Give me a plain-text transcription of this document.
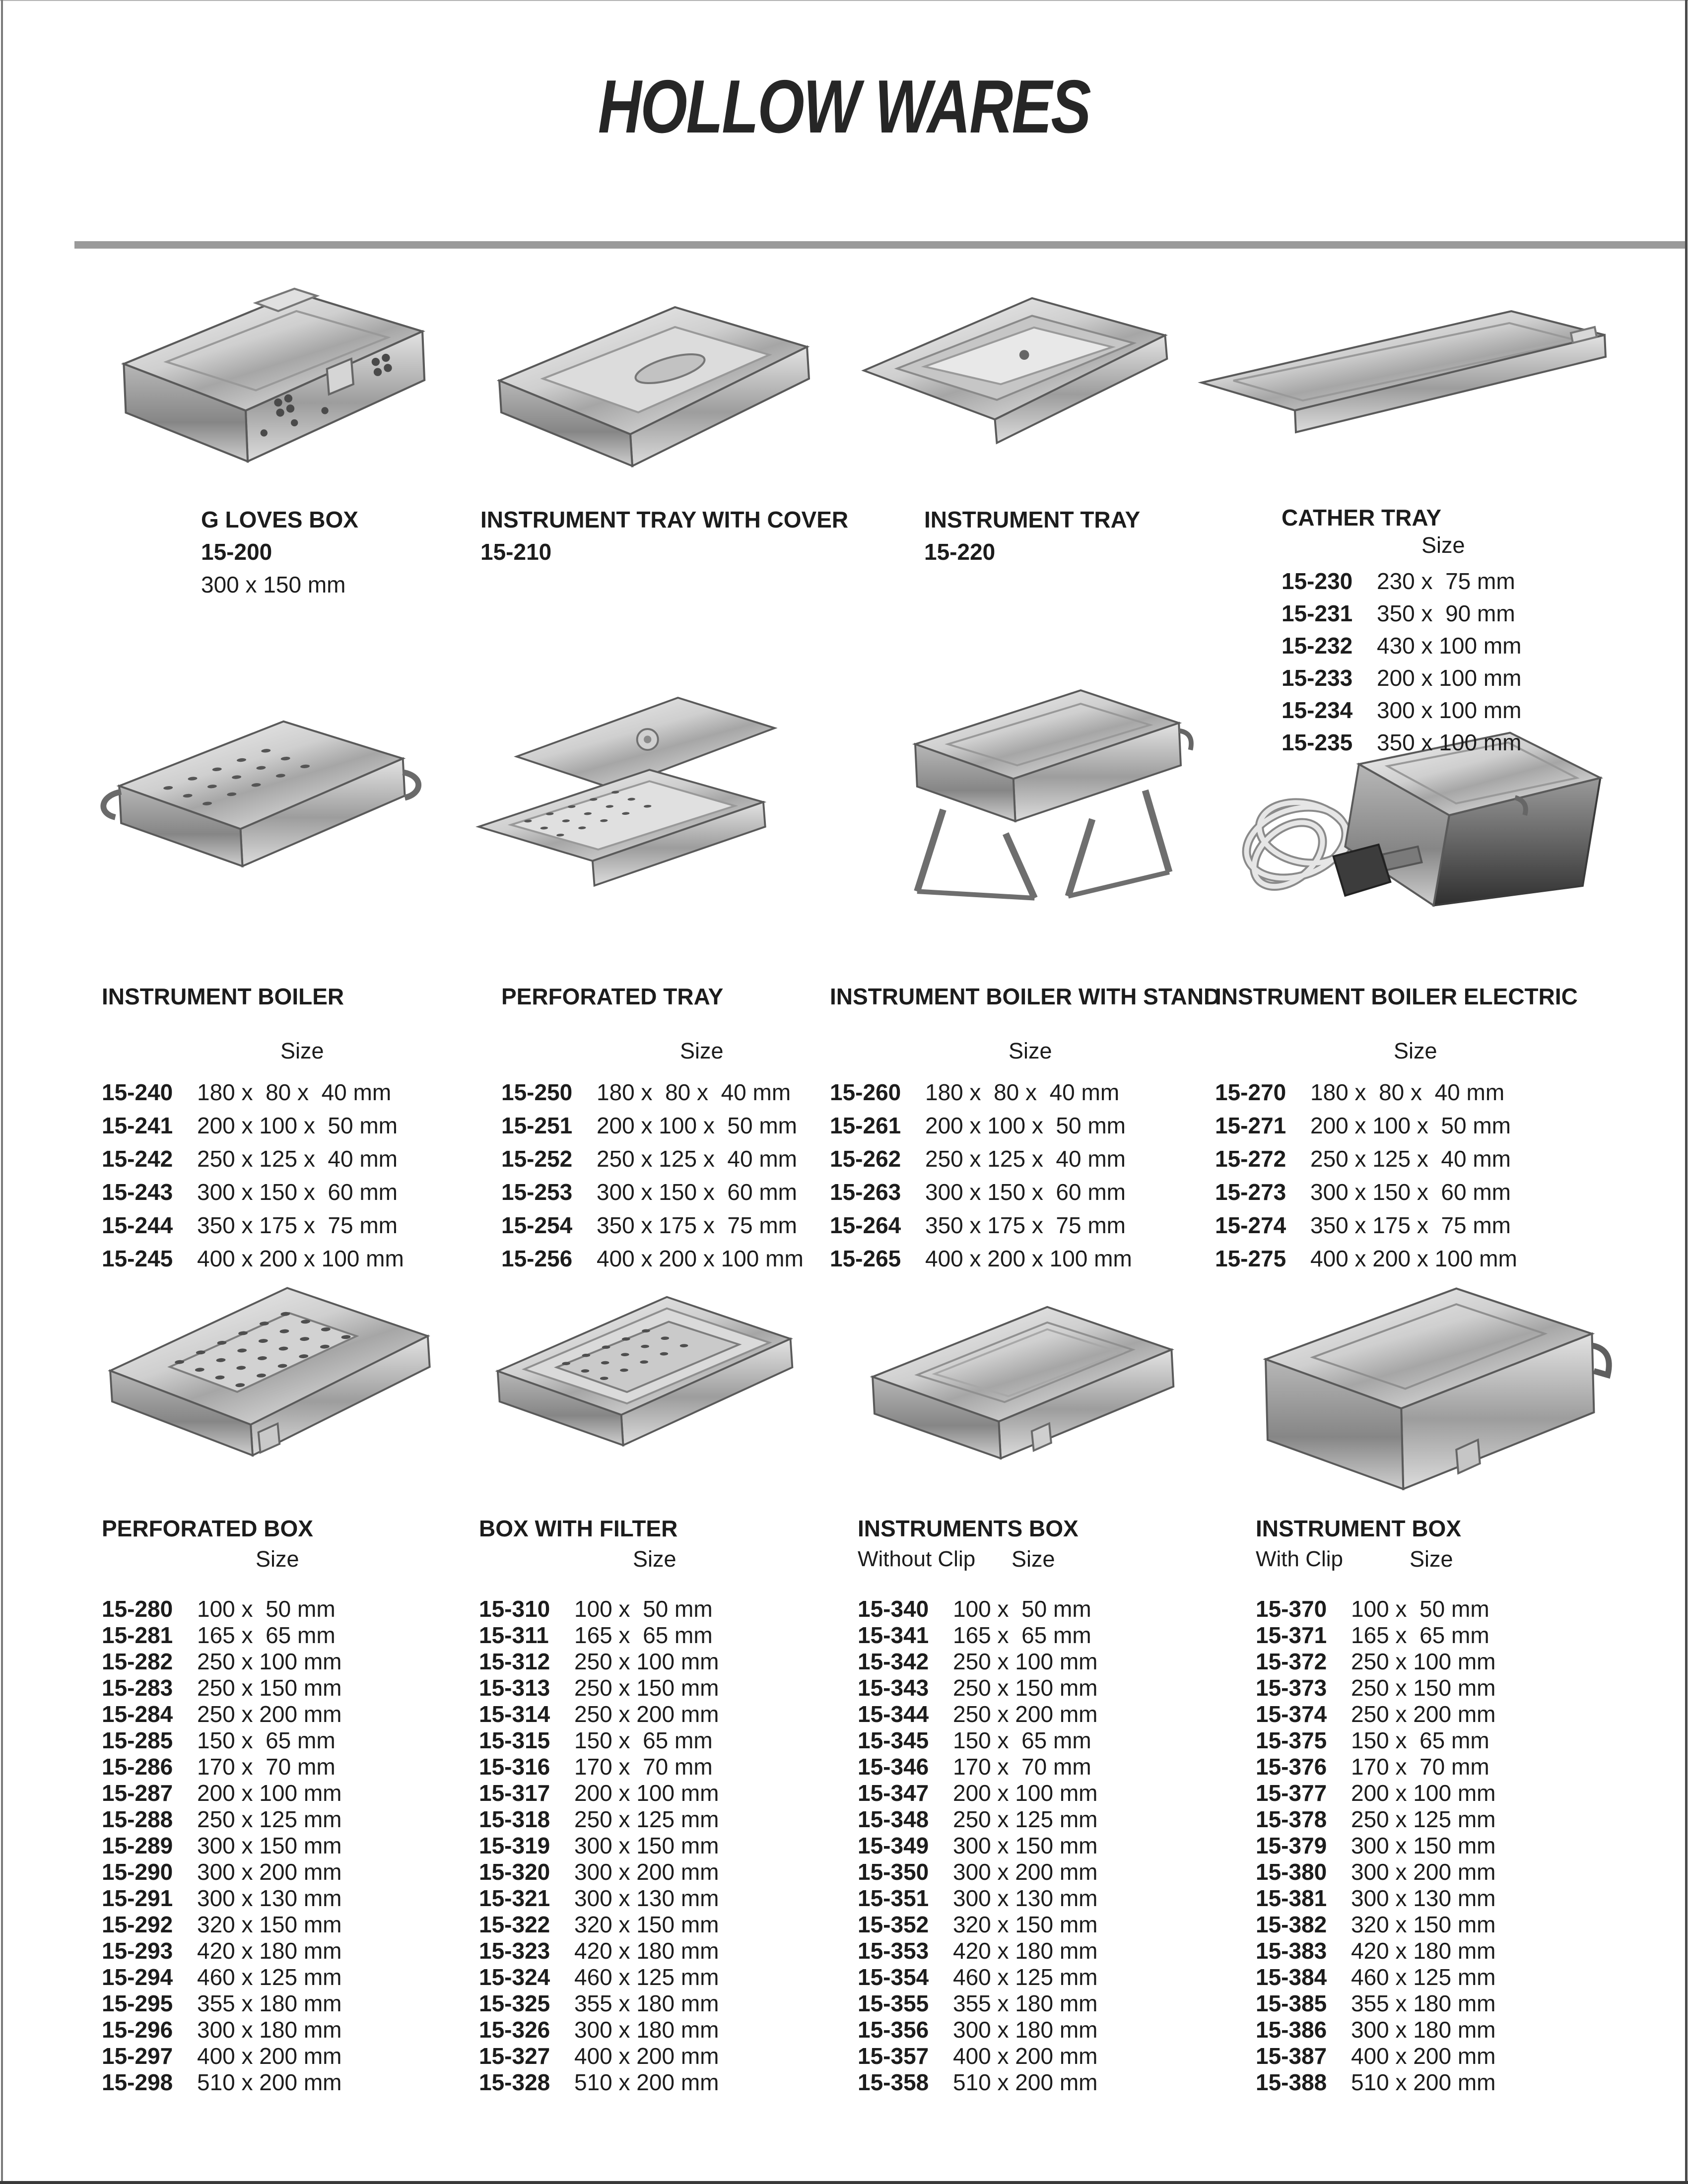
HOLLOW WARES
G LOVES BOX
15-200
300 x 150 mm
INSTRUMENT TRAY WITH COVER
15-210
INSTRUMENT TRAY
15-220
CATHER TRAY
Size
15-230 230 x  75 mm
15-231 350 x  90 mm
15-232 430 x 100 mm
15-233 200 x 100 mm
15-234 300 x 100 mm
15-235 350 x 100 mm
INSTRUMENT BOILER
Size
15-240 180 x  80 x  40 mm
15-241 200 x 100 x  50 mm
15-242 250 x 125 x  40 mm
15-243 300 x 150 x  60 mm
15-244 350 x 175 x  75 mm
15-245 400 x 200 x 100 mm
PERFORATED TRAY
Size
15-250 180 x  80 x  40 mm
15-251 200 x 100 x  50 mm
15-252 250 x 125 x  40 mm
15-253 300 x 150 x  60 mm
15-254 350 x 175 x  75 mm
15-256 400 x 200 x 100 mm
INSTRUMENT BOILER WITH STAND
Size
15-260 180 x  80 x  40 mm
15-261 200 x 100 x  50 mm
15-262 250 x 125 x  40 mm
15-263 300 x 150 x  60 mm
15-264 350 x 175 x  75 mm
15-265 400 x 200 x 100 mm
INSTRUMENT BOILER ELECTRIC
Size
15-270 180 x  80 x  40 mm
15-271 200 x 100 x  50 mm
15-272 250 x 125 x  40 mm
15-273 300 x 150 x  60 mm
15-274 350 x 175 x  75 mm
15-275 400 x 200 x 100 mm
PERFORATED BOX
Size
15-280 100 x  50 mm
15-281 165 x  65 mm
15-282 250 x 100 mm
15-283 250 x 150 mm
15-284 250 x 200 mm
15-285 150 x  65 mm
15-286 170 x  70 mm
15-287 200 x 100 mm
15-288 250 x 125 mm
15-289 300 x 150 mm
15-290 300 x 200 mm
15-291 300 x 130 mm
15-292 320 x 150 mm
15-293 420 x 180 mm
15-294 460 x 125 mm
15-295 355 x 180 mm
15-296 300 x 180 mm
15-297 400 x 200 mm
15-298 510 x 200 mm
BOX WITH FILTER
Size
15-310 100 x  50 mm
15-311 165 x  65 mm
15-312 250 x 100 mm
15-313 250 x 150 mm
15-314 250 x 200 mm
15-315 150 x  65 mm
15-316 170 x  70 mm
15-317 200 x 100 mm
15-318 250 x 125 mm
15-319 300 x 150 mm
15-320 300 x 200 mm
15-321 300 x 130 mm
15-322 320 x 150 mm
15-323 420 x 180 mm
15-324 460 x 125 mm
15-325 355 x 180 mm
15-326 300 x 180 mm
15-327 400 x 200 mm
15-328 510 x 200 mm
INSTRUMENTS BOX
Without Clip Size
15-340 100 x  50 mm
15-341 165 x  65 mm
15-342 250 x 100 mm
15-343 250 x 150 mm
15-344 250 x 200 mm
15-345 150 x  65 mm
15-346 170 x  70 mm
15-347 200 x 100 mm
15-348 250 x 125 mm
15-349 300 x 150 mm
15-350 300 x 200 mm
15-351 300 x 130 mm
15-352 320 x 150 mm
15-353 420 x 180 mm
15-354 460 x 125 mm
15-355 355 x 180 mm
15-356 300 x 180 mm
15-357 400 x 200 mm
15-358 510 x 200 mm
INSTRUMENT BOX
With Clip	Size
15-370 100 x  50 mm
15-371 165 x  65 mm
15-372 250 x 100 mm
15-373 250 x 150 mm
15-374 250 x 200 mm
15-375 150 x  65 mm
15-376 170 x  70 mm
15-377 200 x 100 mm
15-378 250 x 125 mm
15-379 300 x 150 mm
15-380 300 x 200 mm
15-381 300 x 130 mm
15-382 320 x 150 mm
15-383 420 x 180 mm
15-384 460 x 125 mm
15-385 355 x 180 mm
15-386 300 x 180 mm
15-387 400 x 200 mm
15-388 510 x 200 mm
